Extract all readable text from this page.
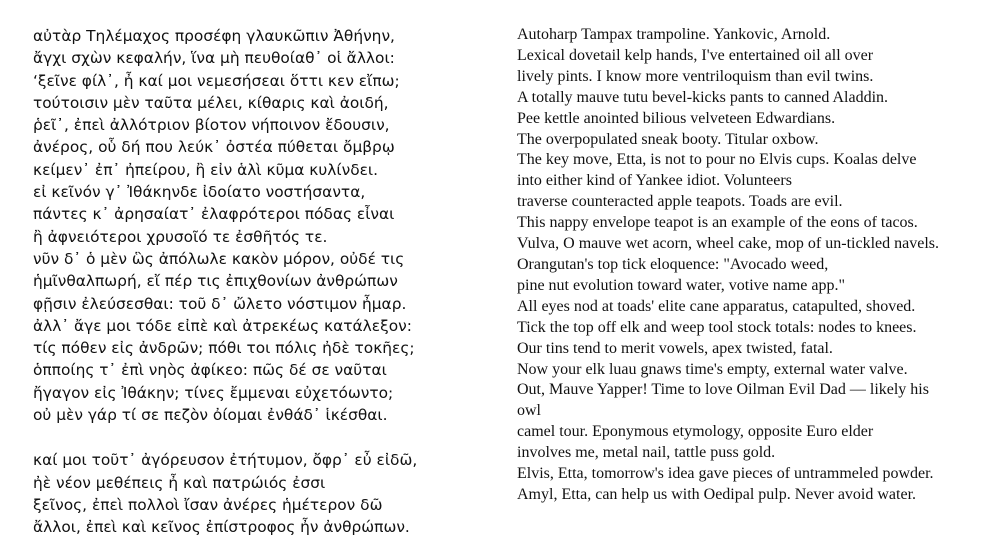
αὐτὰρ Τηλέμαχος προσέφη γλαυκῶπιν Ἀθήνην,
ἄγχι σχὼν κεφαλήν, ἵνα μὴ πευθοίαθ᾽ οἱ ἄλλοι:
‘ξεῖνε φίλ᾽, ἦ καί μοι νεμεσήσεαι ὅττι κεν εἴπω;
τούτοισιν μὲν ταῦτα μέλει, κίθαρις καὶ ἀοιδή,
ῥεῖ᾽, ἐπεὶ ἀλλότριον βίοτον νήποινον ἔδουσιν,
ἀνέρος, οὗ δή που λεύκ᾽ ὀστέα πύθεται ὄμβρῳ
κείμεν᾽ ἐπ᾽ ἠπείρου, ἢ εἰν ἁλὶ κῦμα κυλίνδει.
εἰ κεῖνόν γ᾽ Ἰθάκηνδε ἰδοίατο νοστήσαντα,
πάντες κ᾽ ἀρησαίατ᾽ ἐλαφρότεροι πόδας εἶναι
ἢ ἀφνειότεροι χρυσοῖό τε ἐσθῆτός τε.
νῦν δ᾽ ὁ μὲν ὣς ἀπόλωλε κακὸν μόρον, οὐδέ τις
ἡμῖνθαλπωρή, εἴ πέρ τις ἐπιχθονίων ἀνθρώπων
φῇσιν ἐλεύσεσθαι: τοῦ δ᾽ ὤλετο νόστιμον ἦμαρ.
ἀλλ᾽ ἄγε μοι τόδε εἰπὲ καὶ ἀτρεκέως κατάλεξον:
τίς πόθεν εἰς ἀνδρῶν; πόθι τοι πόλις ἠδὲ τοκῆες;
ὁπποίης τ᾽ ἐπὶ νηὸς ἀφίκεο: πῶς δέ σε ναῦται
ἤγαγον εἰς Ἰθάκην; τίνες ἔμμεναι εὐχετόωντο;
οὐ μὲν γάρ τί σε πεζὸν ὀίομαι ἐνθάδ᾽ ἱκέσθαι.
καί μοι τοῦτ᾽ ἀγόρευσον ἐτήτυμον, ὄφρ᾽ εὖ εἰδῶ,
ἠὲ νέον μεθέπεις ἦ καὶ πατρώιός ἐσσι
ξεῖνος, ἐπεὶ πολλοὶ ἴσαν ἀνέρες ἡμέτερον δῶ
ἄλλοι, ἐπεὶ καὶ κεῖνος ἐπίστροφος ἦν ἀνθρώπων.
Autoharp Tampax trampoline. Yankovic, Arnold.
Lexical dovetail kelp hands, I've entertained oil all over
lively pints. I know more ventriloquism than evil twins.
A totally mauve tutu bevel-kicks pants to canned Aladdin.
Pee kettle anointed bilious velveteen Edwardians.
The overpopulated sneak booty. Titular oxbow.
The key move, Etta, is not to pour no Elvis cups. Koalas delve
into either kind of Yankee idiot. Volunteers
traverse counteracted apple teapots. Toads are evil.
This nappy envelope teapot is an example of the eons of tacos.
Vulva, O mauve wet acorn, wheel cake, mop of un-tickled navels.
Orangutan's top tick eloquence: "Avocado weed,
pine nut evolution toward water, votive name app."
All eyes nod at toads' elite cane apparatus, catapulted, shoved.
Tick the top off elk and weep tool stock totals: nodes to knees.
Our tins tend to merit vowels, apex twisted, fatal.
Now your elk luau gnaws time's empty, external water valve.
Out, Mauve Yapper! Time to love Oilman Evil Dad — likely his
owl
camel tour. Eponymous etymology, opposite Euro elder
involves me, metal nail, tattle puss gold.
Elvis, Etta, tomorrow's idea gave pieces of untrammeled powder.
Amyl, Etta, can help us with Oedipal pulp. Never avoid water.
